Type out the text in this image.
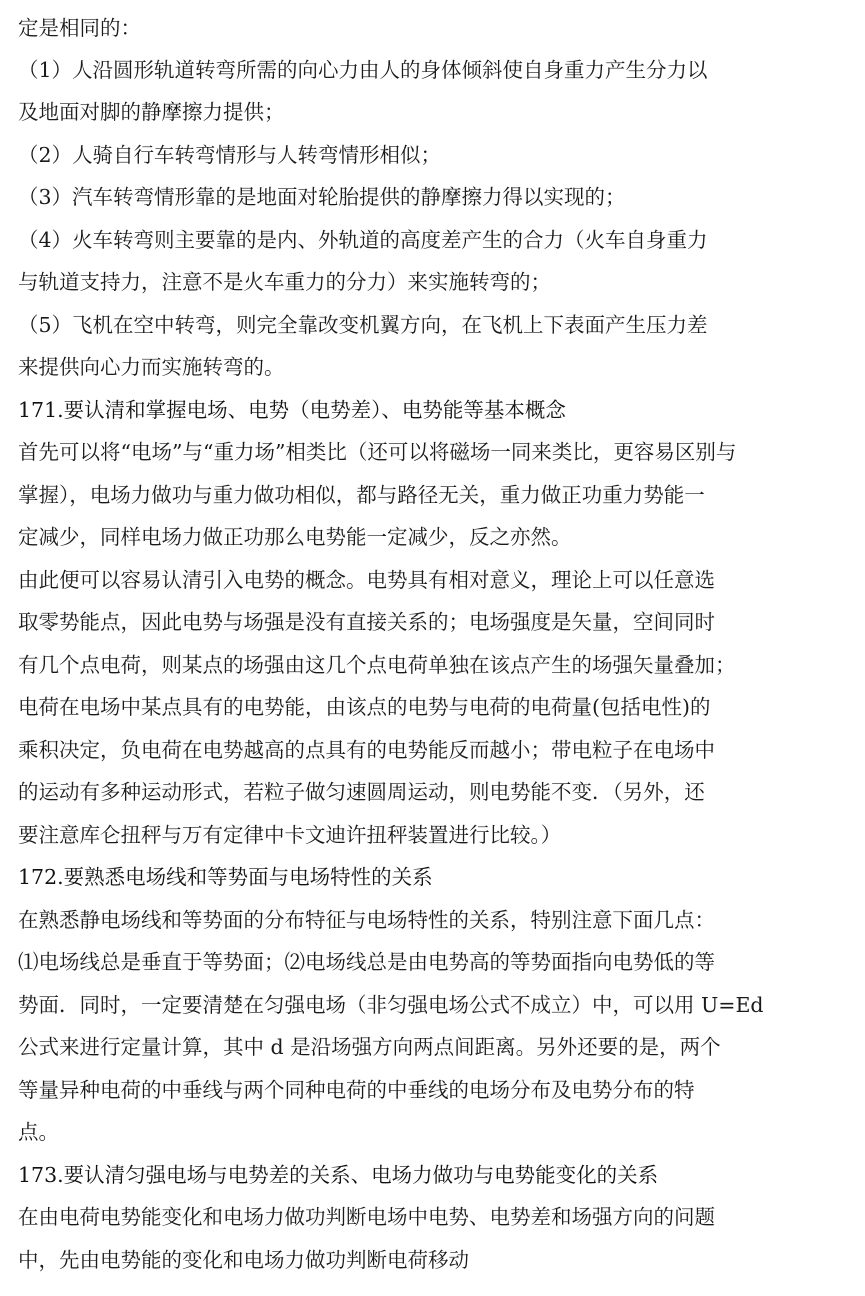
定是相同的：
（1）人沿圆形轨道转弯所需的向心力由人的身体倾斜使自身重力产生分力以
及地面对脚的静摩擦力提供；
（2）人骑自行车转弯情形与人转弯情形相似；
（3）汽车转弯情形靠的是地面对轮胎提供的静摩擦力得以实现的；
（4）火车转弯则主要靠的是内、外轨道的高度差产生的合力（火车自身重力
与轨道支持力，注意不是火车重力的分力）来实施转弯的；
（5）飞机在空中转弯，则完全靠改变机翼方向，在飞机上下表面产生压力差
来提供向心力而实施转弯的。
171.要认清和掌握电场、电势（电势差）、电势能等基本概念
首先可以将“电场”与“重力场”相类比（还可以将磁场一同来类比，更容易区别与
掌握），电场力做功与重力做功相似，都与路径无关，重力做正功重力势能一
定减少，同样电场力做正功那么电势能一定减少，反之亦然。
由此便可以容易认清引入电势的概念。电势具有相对意义，理论上可以任意选
取零势能点，因此电势与场强是没有直接关系的；电场强度是矢量，空间同时
有几个点电荷，则某点的场强由这几个点电荷单独在该点产生的场强矢量叠加；
电荷在电场中某点具有的电势能，由该点的电势与电荷的电荷量(包括电性)的
乘积决定，负电荷在电势越高的点具有的电势能反而越小；带电粒子在电场中
的运动有多种运动形式，若粒子做匀速圆周运动，则电势能不变．（另外，还
要注意库仑扭秤与万有定律中卡文迪许扭秤装置进行比较。）
172.要熟悉电场线和等势面与电场特性的关系
在熟悉静电场线和等势面的分布特征与电场特性的关系，特别注意下面几点：
⑴电场线总是垂直于等势面；⑵电场线总是由电势高的等势面指向电势低的等
势面．同时，一定要清楚在匀强电场（非匀强电场公式不成立）中，可以用 U=Ed
公式来进行定量计算，其中 d 是沿场强方向两点间距离。另外还要的是，两个
等量异种电荷的中垂线与两个同种电荷的中垂线的电场分布及电势分布的特
点。
173.要认清匀强电场与电势差的关系、电场力做功与电势能变化的关系
在由电荷电势能变化和电场力做功判断电场中电势、电势差和场强方向的问题
中，先由电势能的变化和电场力做功判断电荷移动
